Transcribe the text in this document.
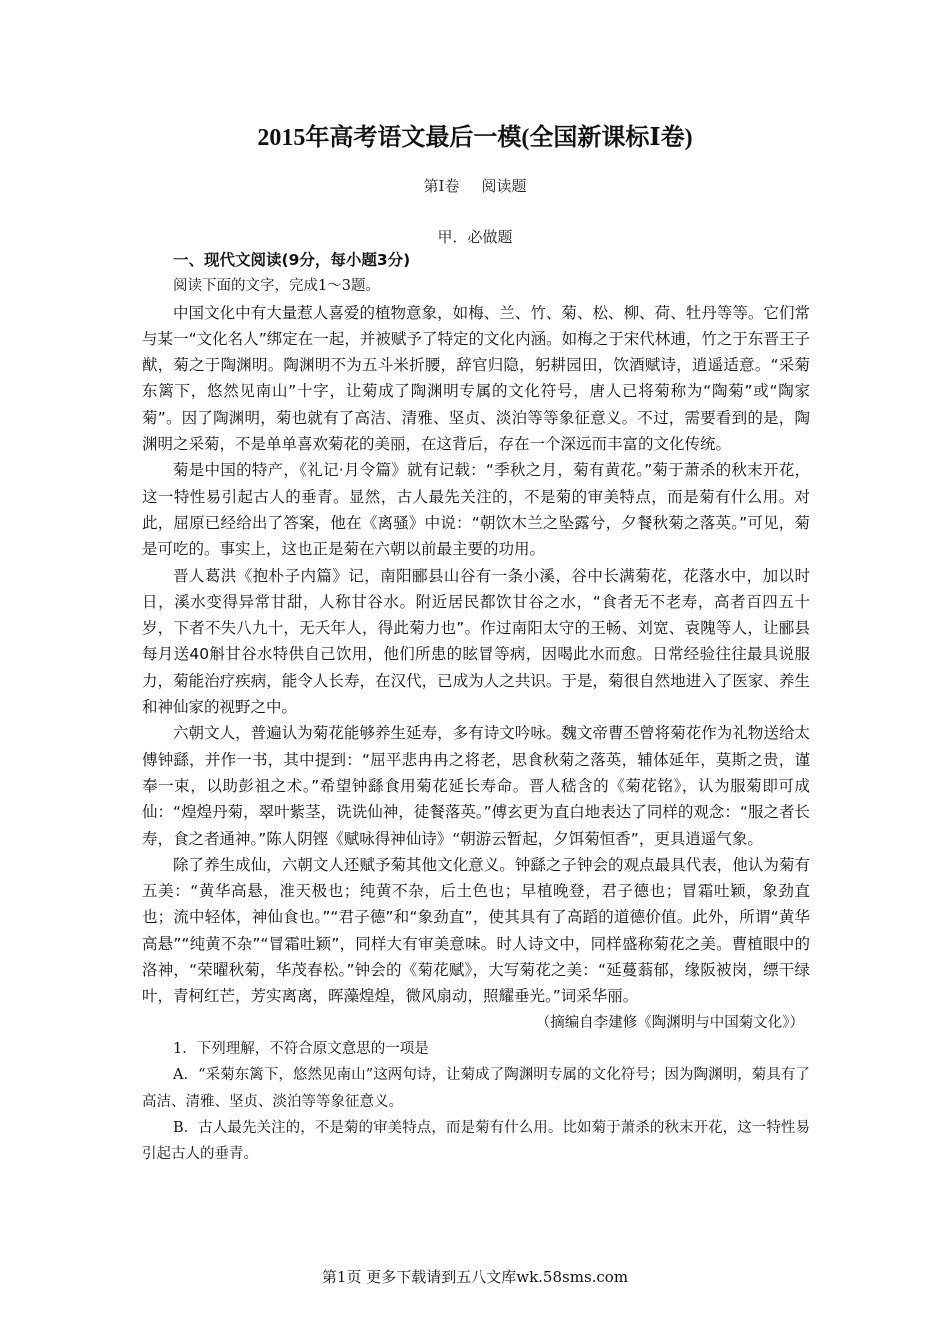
2015年高考语文最后一模(全国新课标Ⅰ卷)
第Ⅰ卷 阅读题
甲．必做题

一、现代文阅读(9分，每小题3分)

阅读下面的文字，完成1～3题。

中国文化中有大量惹人喜爱的植物意象，如梅、兰、竹、菊、松、柳、荷、牡丹等等。它们常与某一“文化名人”绑定在一起，并被赋予了特定的文化内涵。如梅之于宋代林逋，竹之于东晋王子猷，菊之于陶渊明。陶渊明不为五斗米折腰，辞官归隐，躬耕园田，饮酒赋诗，逍遥适意。“采菊东篱下，悠然见南山”十字，让菊成了陶渊明专属的文化符号，唐人已将菊称为“陶菊”或“陶家菊”。因了陶渊明，菊也就有了高洁、清雅、坚贞、淡泊等等象征意义。不过，需要看到的是，陶渊明之采菊，不是单单喜欢菊花的美丽，在这背后，存在一个深远而丰富的文化传统。

菊是中国的特产，《礼记·月令篇》就有记载：“季秋之月，菊有黄花。”菊于萧杀的秋末开花，这一特性易引起古人的垂青。显然，古人最先关注的，不是菊的审美特点，而是菊有什么用。对此，屈原已经给出了答案，他在《离骚》中说：“朝饮木兰之坠露兮，夕餐秋菊之落英。”可见，菊是可吃的。事实上，这也正是菊在六朝以前最主要的功用。

晋人葛洪《抱朴子内篇》记，南阳郦县山谷有一条小溪，谷中长满菊花，花落水中，加以时日，溪水变得异常甘甜，人称甘谷水。附近居民都饮甘谷之水，“食者无不老寿，高者百四五十岁，下者不失八九十，无夭年人，得此菊力也”。作过南阳太守的王畅、刘宽、袁隗等人，让郦县每月送40斛甘谷水特供自己饮用，他们所患的眩冒等病，因喝此水而愈。日常经验往往最具说服力，菊能治疗疾病，能令人长寿，在汉代，已成为人之共识。于是，菊很自然地进入了医家、养生和神仙家的视野之中。

六朝文人，普遍认为菊花能够养生延寿，多有诗文吟咏。魏文帝曹丕曾将菊花作为礼物送给太傅钟繇，并作一书，其中提到：“屈平悲冉冉之将老，思食秋菊之落英，辅体延年，莫斯之贵，谨奉一束，以助彭祖之术。”希望钟繇食用菊花延长寿命。晋人嵇含的《菊花铭》，认为服菊即可成仙：“煌煌丹菊，翠叶紫茎，诜诜仙神，徒餐落英。”傅玄更为直白地表达了同样的观念：“服之者长寿，食之者通神。”陈人阴铿《赋咏得神仙诗》“朝游云暂起，夕饵菊恒香”，更具逍遥气象。

除了养生成仙，六朝文人还赋予菊其他文化意义。钟繇之子钟会的观点最具代表，他认为菊有五美：“黄华高悬，准天极也；纯黄不杂，后土色也；早植晚登，君子德也；冒霜吐颖，象劲直也；流中轻体，神仙食也。”“君子德”和“象劲直”，使其具有了高蹈的道德价值。此外，所谓“黄华高悬”“纯黄不杂”“冒霜吐颖”，同样大有审美意味。时人诗文中，同样盛称菊花之美。曹植眼中的洛神，“荣曜秋菊，华茂春松。”钟会的《菊花赋》，大写菊花之美：“延蔓蓊郁，缘阪被岗，缥干绿叶，青柯红芒，芳实离离，晖藻煌煌，微风扇动，照耀垂光。”词采华丽。

（摘编自李建修《陶渊明与中国菊文化》）

1．下列理解，不符合原文意思的一项是

A．“采菊东篱下，悠然见南山”这两句诗，让菊成了陶渊明专属的文化符号；因为陶渊明，菊具有了高洁、清雅、坚贞、淡泊等等象征意义。

B．古人最先关注的，不是菊的审美特点，而是菊有什么用。比如菊于萧杀的秋末开花，这一特性易引起古人的垂青。

第1页 更多下载请到五八文库wk.58sms.com
